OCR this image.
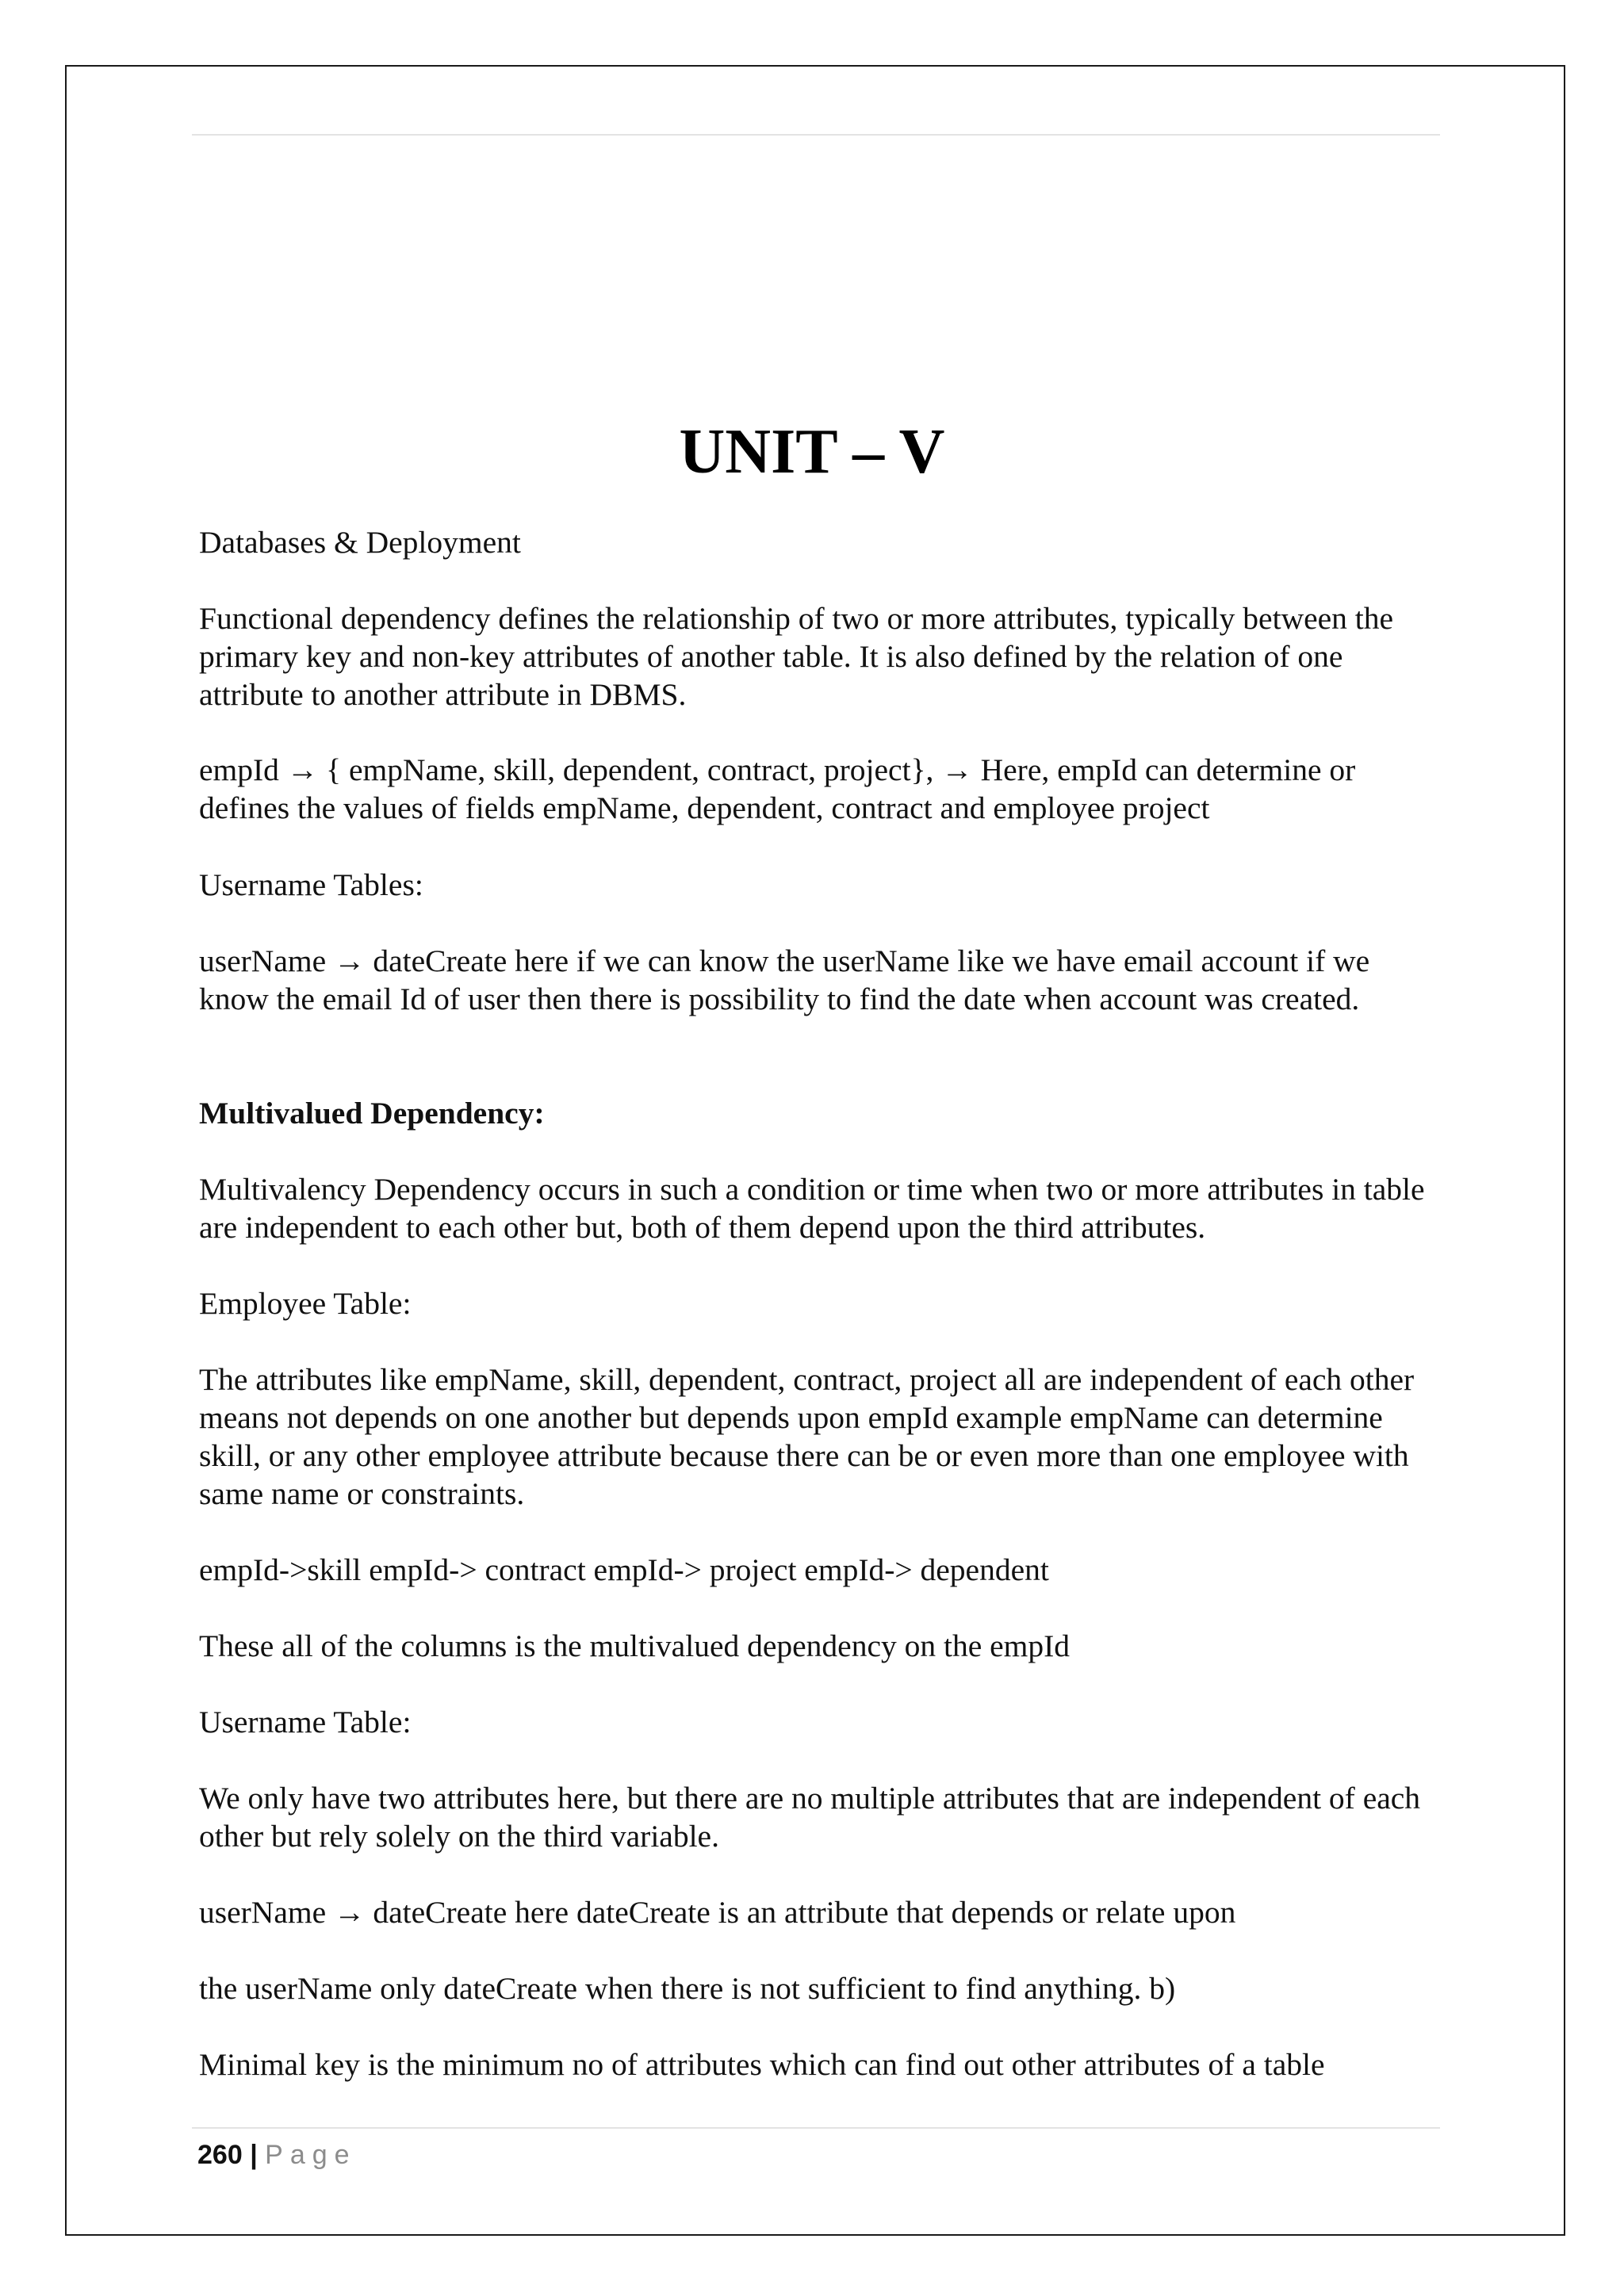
UNIT – V

Databases & Deployment

Functional dependency defines the relationship of two or more attributes, typically between the primary key and non-key attributes of another table. It is also defined by the relation of one attribute to another attribute in DBMS.

empId → { empName, skill, dependent, contract, project}, → Here, empId can determine or defines the values of fields empName, dependent, contract and employee project

Username Tables:

userName → dateCreate here if we can know the userName like we have email account if we know the email Id of user then there is possibility to find the date when account was created.

Multivalued Dependency:

Multivalency Dependency occurs in such a condition or time when two or more attributes in table are independent to each other but, both of them depend upon the third attributes.

Employee Table:

The attributes like empName, skill, dependent, contract, project all are independent of each other means not depends on one another but depends upon empId example empName can determine skill, or any other employee attribute because there can be or even more than one employee with same name or constraints.

empId->skill empId-> contract empId-> project empId-> dependent

These all of the columns is the multivalued dependency on the empId

Username Table:

We only have two attributes here, but there are no multiple attributes that are independent of each other but rely solely on the third variable.

userName → dateCreate here dateCreate is an attribute that depends or relate upon

the userName only dateCreate when there is not sufficient to find anything. b)

Minimal key is the minimum no of attributes which can find out other attributes of a table

260 | Page
